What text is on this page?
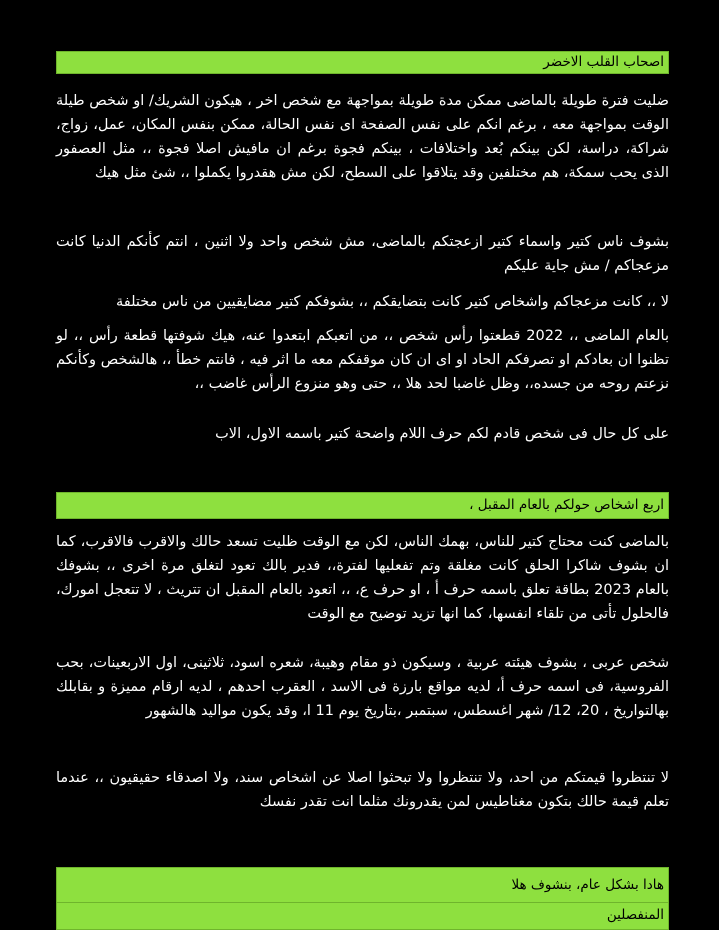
اصحاب القلب الاخضر
ضليت فترة طويلة بالماضى ممكن مدة طويلة بمواجهة مع شخص اخر ، هيكون الشريك/ او شخص طيلة الوقت بمواجهة معه ، برغم انكم على نفس الصفحة اى نفس الحالة، ممكن بنفس المكان، عمل، زواج، شراكة، دراسة، لكن بينكم بُعد واختلافات ، بينكم فجوة برغم ان مافيش اصلا فجوة ،، مثل العصفور الذى يحب سمكة، هم مختلفين وقد يتلاقوا على السطح، لكن مش هقدروا يكملوا ،، شئ مثل هيك
بشوف ناس كتير واسماء كتير ازعجتكم بالماضى، مش شخص واحد ولا اثنين ، انتم كأنكم الدنيا كانت مزعجاكم / مش جاية عليكم
لا ،، كانت مزعجاكم واشخاص كتير كانت بتضايقكم ،، بشوفكم كتير مضايقيين من ناس مختلفة
بالعام الماضى ،، 2022 قطعتوا رأس شخص ،، من اتعبكم ابتعدوا عنه، هيك شوفتها قطعة رأس ،، لو تظنوا ان بعادكم او تصرفكم الحاد او اى ان كان موقفكم معه ما اثر فيه ، فانتم خطأ ،، هالشخص وكأنكم نزعتم روحه من جسده،، وظل غاضبا لحد هلا ،، حتى وهو منزوع الرأس غاضب ،،
على كل حال فى شخص قادم لكم حرف اللام واضحة كتير باسمه الاول، الاب
اربع اشخاص حولكم بالعام المقبل ،
بالماضى كنت محتاج كتير للناس، بهمك الناس، لكن مع الوقت ظليت تسعد حالك والاقرب فالاقرب، كما ان بشوف شاكرا الحلق كانت مغلقة وتم تفعليها لفترة،، فدير بالك تعود لتغلق مرة اخرى ،، بشوفك بالعام 2023 بطاقة تعلق باسمه حرف أ ، او حرف ع، ،، اتعود بالعام المقبل ان تتريث ، لا تتعجل امورك، فالحلول تأتى من تلقاء انفسها، كما انها تزيد توضيح مع الوقت
شخص عربى ، بشوف هيئته عربية ، وسيكون ذو مقام وهيبة، شعره اسود، ثلاثينى، اول الاربعينات، بحب الفروسية، فى اسمه حرف أ، لديه مواقع بارزة فى الاسد ، العقرب احدهم ، لديه ارقام مميزة و بقابلك بهالتواريخ ، 20، 12/ شهر اغسطس، سبتمبر ،بتاريخ يوم 11 ا، وقد يكون مواليد هالشهور
لا تنتظروا قيمتكم من احد، ولا تنتظروا ولا تبحثوا اصلا عن اشخاص سند، ولا اصدقاء حقيقيون ،، عندما تعلم قيمة حالك بتكون مغناطيس لمن يقدرونك مثلما انت تقدر نفسك
هادا بشكل عام، بنشوف هلا
المنفصلين
